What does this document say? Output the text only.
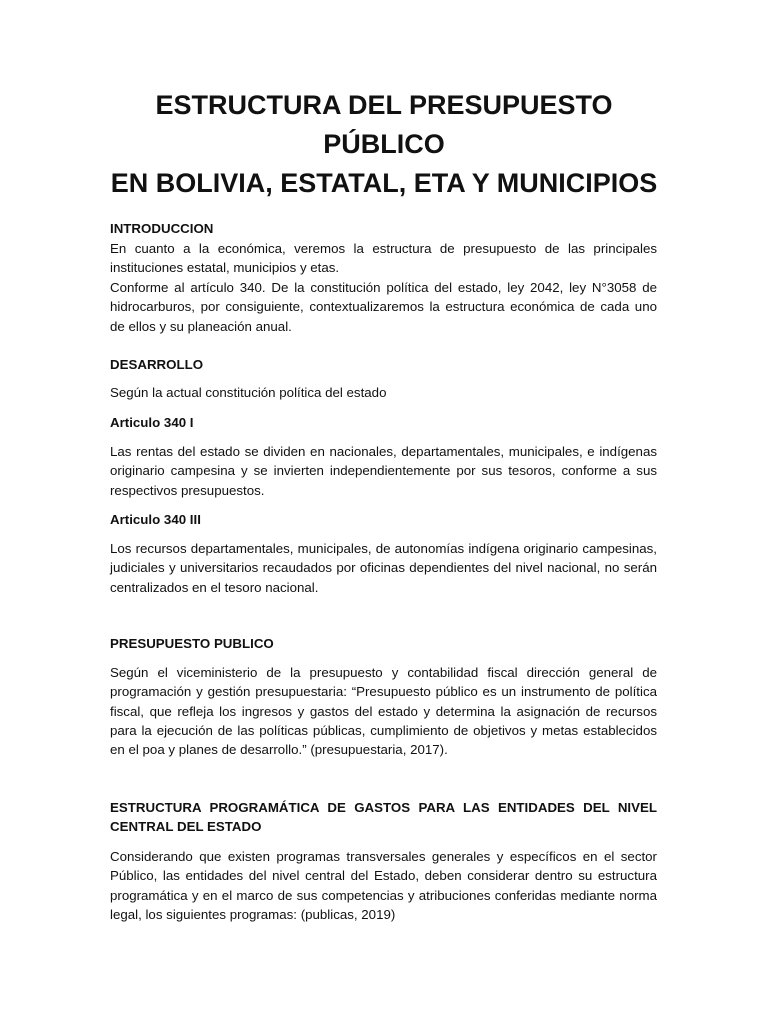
ESTRUCTURA DEL PRESUPUESTO PÚBLICO
EN BOLIVIA, ESTATAL, ETA Y MUNICIPIOS

INTRODUCCION

En cuanto a la económica, veremos la estructura de presupuesto de las principales instituciones estatal, municipios y etas.

Conforme al artículo 340. De la constitución política del estado, ley 2042, ley N°3058 de hidrocarburos, por consiguiente, contextualizaremos la estructura económica de cada uno de ellos y su planeación anual.

DESARROLLO

Según la actual constitución política del estado

Articulo 340 I

Las rentas del estado se dividen en nacionales, departamentales, municipales, e indígenas originario campesina y se invierten independientemente por sus tesoros, conforme a sus respectivos presupuestos.

Articulo 340 III

Los recursos departamentales, municipales, de autonomías indígena originario campesinas, judiciales y universitarios recaudados por oficinas dependientes del nivel nacional, no serán centralizados en el tesoro nacional.

PRESUPUESTO PUBLICO

Según el viceministerio de la presupuesto y contabilidad fiscal dirección general de programación y gestión presupuestaria: “Presupuesto público es un instrumento de política fiscal, que refleja los ingresos y gastos del estado y determina la asignación de recursos para la ejecución de las políticas públicas, cumplimiento de objetivos y metas establecidos en el poa y planes de desarrollo.” (presupuestaria, 2017).

ESTRUCTURA PROGRAMÁTICA DE GASTOS PARA LAS ENTIDADES DEL NIVEL CENTRAL DEL ESTADO

Considerando que existen programas transversales generales y específicos en el sector Público, las entidades del nivel central del Estado, deben considerar dentro su estructura programática y en el marco de sus competencias y atribuciones conferidas mediante norma legal, los siguientes programas: (publicas, 2019)
